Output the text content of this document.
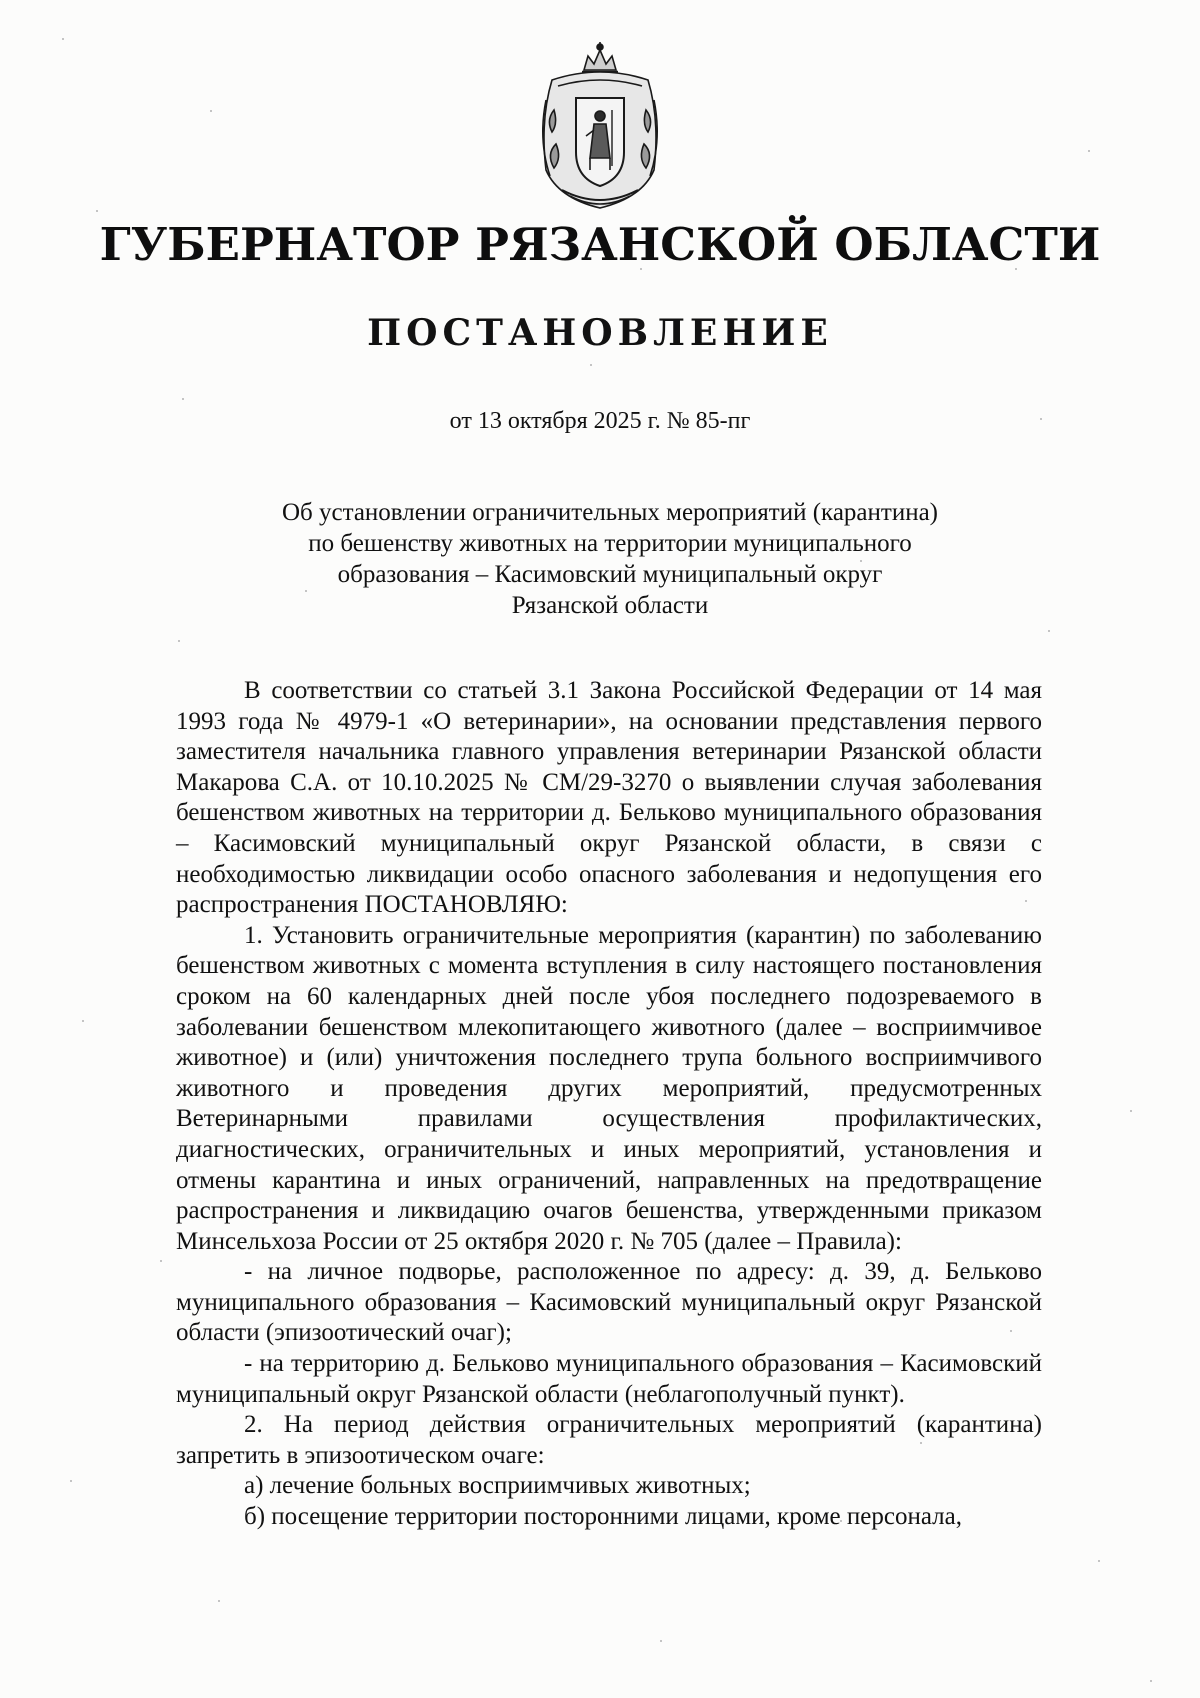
ГУБЕРНАТОР РЯЗАНСКОЙ ОБЛАСТИ
ПОСТАНОВЛЕНИЕ
от 13 октября 2025 г. № 85-пг
Об установлении ограничительных мероприятий (карантина)
по бешенству животных на территории муниципального
образования – Касимовский муниципальный округ
Рязанской области

В соответствии со статьей 3.1 Закона Российской Федерации от 14 мая 1993 года № 4979-1 «О ветеринарии», на основании представления первого заместителя начальника главного управления ветеринарии Рязанской области Макарова С.А. от 10.10.2025 № СМ/29-3270 о выявлении случая заболевания бешенством животных на территории д. Бельково муниципального образования – Касимовский муниципальный округ Рязанской области, в связи с необходимостью ликвидации особо опасного заболевания и недопущения его распространения ПОСТАНОВЛЯЮ:

1. Установить ограничительные мероприятия (карантин) по заболеванию бешенством животных с момента вступления в силу настоящего постановления сроком на 60 календарных дней после убоя последнего подозреваемого в заболевании бешенством млекопитающего животного (далее – восприимчивое животное) и (или) уничтожения последнего трупа больного восприимчивого животного и проведения других мероприятий, предусмотренных Ветеринарными правилами осуществления профилактических, диагностических, ограничительных и иных мероприятий, установления и отмены карантина и иных ограничений, направленных на предотвращение распространения и ликвидацию очагов бешенства, утвержденными приказом Минсельхоза России от 25 октября 2020 г. № 705 (далее – Правила):

- на личное подворье, расположенное по адресу: д. 39, д. Бельково муниципального образования – Касимовский муниципальный округ Рязанской области (эпизоотический очаг);

- на территорию д. Бельково муниципального образования – Касимовский муниципальный округ Рязанской области (неблагополучный пункт).

2. На период действия ограничительных мероприятий (карантина) запретить в эпизоотическом очаге:

а) лечение больных восприимчивых животных;

б) посещение территории посторонними лицами, кроме персонала,
